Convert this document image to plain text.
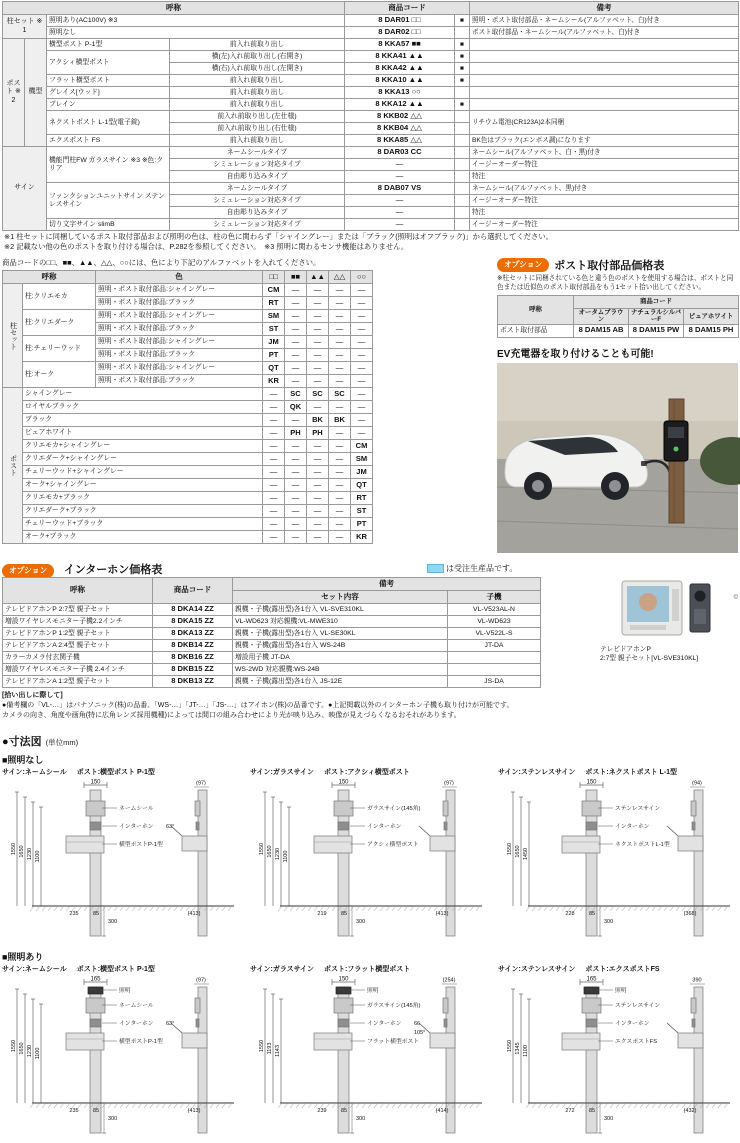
呼称				商品コード		備考
柱セット ※1		照明あり(AC100V) ※3		8 DAR01 □□	■	照明・ポスト取付部品・ネームシール(アルファベット、白)付き
		照明なし		8 DAR02 □□		ポスト取付部品・ネームシール(アルファベット、白)付き
ポスト ※2	機型	横型ポスト P-1型	前入れ前取り出し	8 KKA57 ■■	■	
		アクシィ横型ポスト	横(左)入れ前取り出し(右開き)	8 KKA41 ▲▲	■	
			横(右)入れ前取り出し(左開き)	8 KKA42 ▲▲	■	
		フラット横型ポスト	前入れ前取り出し	8 KKA10 ▲▲	■	
		グレイス[ウッド]	前入れ前取り出し	8 KKA13 ○○		
		プレイン	前入れ前取り出し	8 KKA12 ▲▲	■	
		ネクストポスト L-1型(電子錠)	前入れ前取り出し(左仕様)	8 KKB02 △△		リチウム電池(CR123A)2本同梱
			前入れ前取り出し(右仕様)	8 KKB04 △△		
		エクスポスト FS	前入れ前取り出し	8 KKA85 △△		BK色はブラック(エンボス調)になります
サイン		機能門柱FW ガラスサイン ※3 ※色:クリア	ネームシールタイプ	8 DAR03 CC		ネームシール(アルファベット、白・黒)付き
			シミュレーション対応タイプ	―		イージーオーダー特注
			自由彫り込みタイプ	―		特注
		ファンクションユニットサイン ステンレスサイン	ネームシールタイプ	8 DAB07 VS		ネームシール(アルファベット、黒)付き
			シミュレーション対応タイプ	―		イージーオーダー特注
			自由彫り込みタイプ	―		特注
		切り文字サイン slimB	シミュレーション対応タイプ	―		イージーオーダー特注
※1 柱セットに同梱しているポスト取付部品および照明の色は、柱の色に関わらず「シャイングレー」または「ブラック(照明はオフブラック)」から選択してください。
※2 記載ない他の色のポストを取り付ける場合は、P.282を参照してください。　※3 照明に関わるセンサ機能はありません。
商品コードの□□、■■、▲▲、△△、○○には、色により下記のアルファベットを入れてください。
呼称		色	□□	■■	▲▲	△△	○○
柱セット	柱:クリエモカ	照明・ポスト取付部品:シャイングレー	CM	―	―	―	―
		照明・ポスト取付部品:ブラック	RT	―	―	―	―
	柱:クリエダーク	照明・ポスト取付部品:シャイングレー	SM	―	―	―	―
		照明・ポスト取付部品:ブラック	ST	―	―	―	―
	柱:チェリーウッド	照明・ポスト取付部品:シャイングレー	JM	―	―	―	―
		照明・ポスト取付部品:ブラック	PT	―	―	―	―
	柱:オーク	照明・ポスト取付部品:シャイングレー	QT	―	―	―	―
		照明・ポスト取付部品:ブラック	KR	―	―	―	―
ポスト	シャイングレー		―	SC	SC	SC	―
	ロイヤルブラック		―	QK	―	―	―
	ブラック		―	―	BK	BK	―
	ピュアホワイト		―	PH	PH	―	―
	クリエモカ+シャイングレー		―	―	―	―	CM
	クリエダーク+シャイングレー		―	―	―	―	SM
	チェリーウッド+シャイングレー		―	―	―	―	JM
	オーク+シャイングレー		―	―	―	―	QT
	クリエモカ+ブラック		―	―	―	―	RT
	クリエダーク+ブラック		―	―	―	―	ST
	チェリーウッド+ブラック		―	―	―	―	PT
	オーク+ブラック		―	―	―	―	KR
オプション	ポスト取付部品価格表
※柱セットに同梱されている色と違う色のポストを使用する場合は、ポストと同色または近似色のポスト取付部品をもう1セット拾い出してください。
呼称	商品コード		
	オータムブラウン	ナチュラルシルバーF	ピュアホワイト
ポスト取付部品	8 DAM15 AB	8 DAM15 PW	8 DAM15 PH
EV充電器を取り付けることも可能!
オプション インターホン価格表	は受注生産品です。
呼称	商品コード	備考	
		セット内容	子機
テレビドアホンP 2:7型 親子セット	8 DKA14 ZZ	親機・子機(露出型)各1台入 VL-SVE310KL	VL-V523AL-N
増設ワイヤレスモニター子機2.2インチ	8 DKA15 ZZ	VL-WD623 対応親機:VL-MWE310	VL-WD623
テレビドアホンP 1:2型 親子セット	8 DKA13 ZZ	親機・子機(露出型)各1台入 VL-SE30KL	VL-V522L-S
テレビドアホンA 2:4型 親子セット	8 DKB14 ZZ	親機・子機(露出型)各1台入 WS-24B	JT-DA
カラーカメラ付玄関子機	8 DKB16 ZZ	増設用子機 JT-DA	
増設ワイヤレスモニター子機 2.4インチ	8 DKB15 ZZ	WS-2WD 対応親機:WS-24B	
テレビドアホンA 1:2型 親子セット	8 DKB13 ZZ	親機・子機(露出型)各1台入 JS-12E	JS-DA
テレビドアホンP
2:7型 親子セット[VL-SVE310KL]
©
[拾い出しに際して]
●備考欄の「VL-…」はパナソニック(株)の品番、「WS-…」「JT-…」「JS-…」はアイホン(株)の品番です。●上記掲載以外のインターホン子機も取り付けが可能です。
カメラの向き、角度や画角(特に広角レンズ採用機種)によっては間口の組み合わせにより光が映り込み、映像が見えづらくなるおそれがあります。
●寸法図 (単位mm)
■照明なし
サイン:ネームシール ポスト:横型ポスト P-1型
1550 1650 1230 1100
150
300
235	85
ネームシール
インターホン
横型ポストP-1型
(97)
63°
(413)
サイン:ガラスサイン ポスト:アクシィ横型ポスト
1550 1650 1230 1100
150
300
219	85
ガラスサイン(145角)
インターホン
アクシィ横型ポスト
(97)
(413)
サイン:ステンレスサイン ポスト:ネクストポスト L-1型
1550 1650 1450
150
300
228	85
ステンレスサイン
インターホン
ネクストポストL-1型
(94)
(368)
■照明あり
サイン:ネームシール ポスト:横型ポスト P-1型
1550 1650 1230 1100
165
300
235	85
照明
ネームシール
インターホン
横型ポストP-1型
(97)
63°
(413)
サイン:ガラスサイン ポスト:フラット横型ポスト
1550 1193 1143
150
300
239	85
照明
ガラスサイン(145角)
インターホン
フラット横型ポスト
(254)
66
105°
(414)
サイン:ステンレスサイン ポスト:エクスポストFS
1550 1345 1100
165
300
272	85
照明
ステンレスサイン
インターホン
エクスポストFS
390
(432)
